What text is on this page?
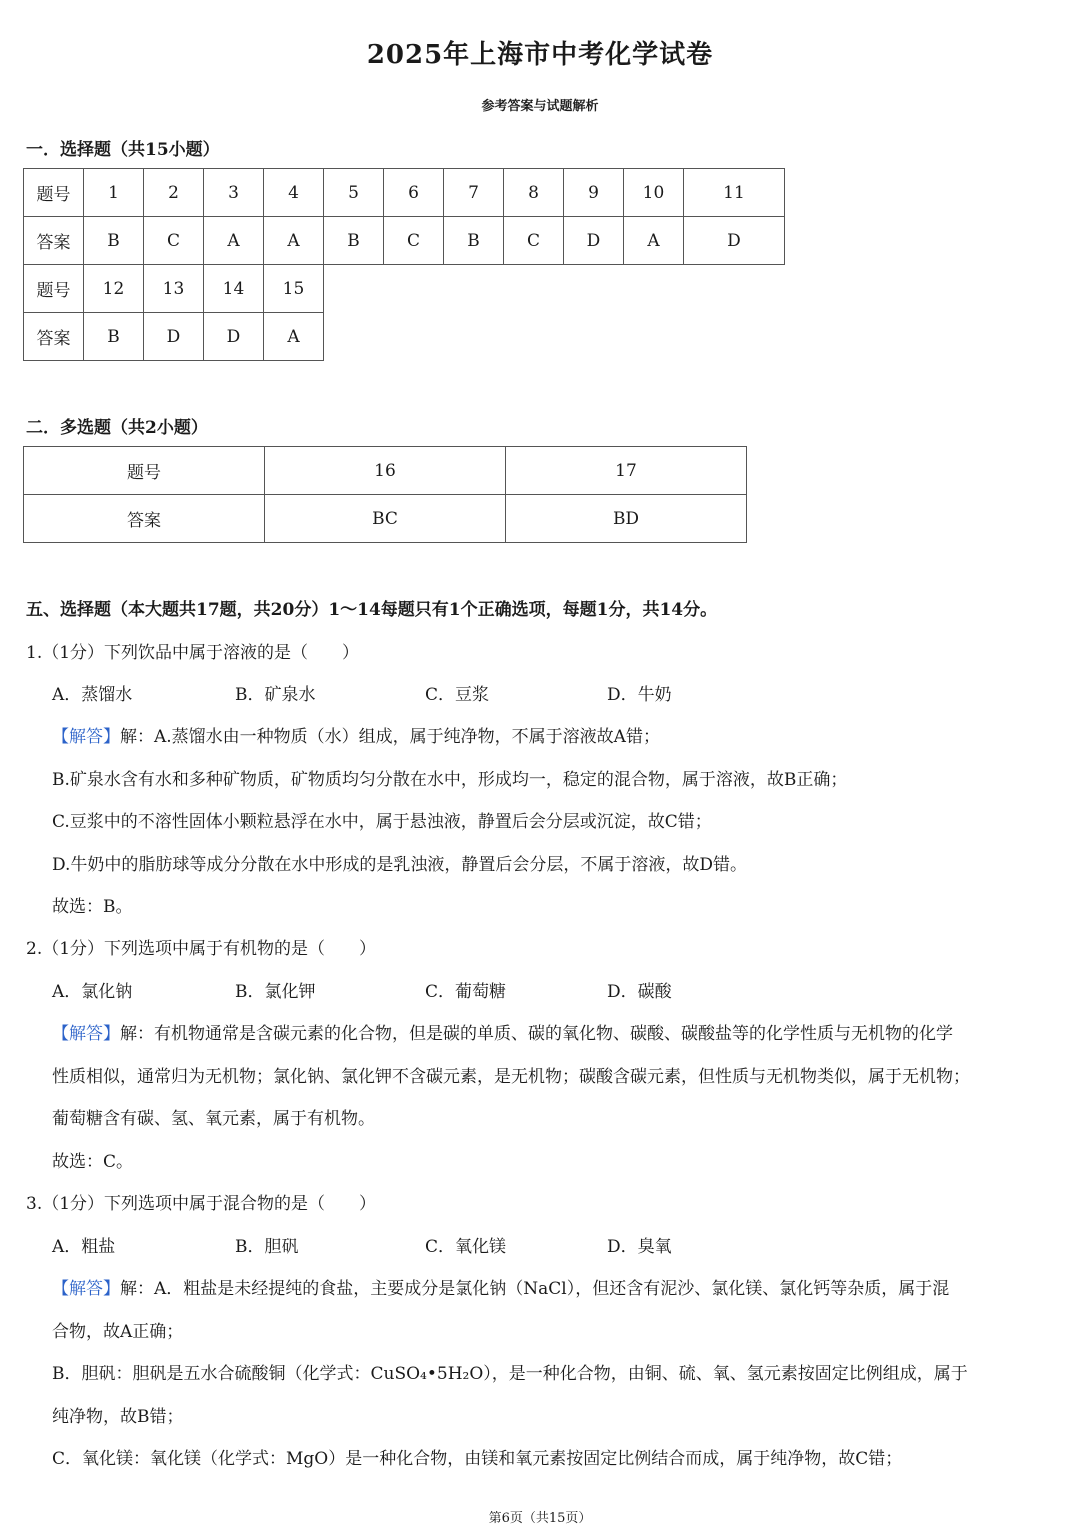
2025年上海市中考化学试卷
参考答案与试题解析
一．选择题（共15小题）
题号	1	2	3	4	5	6	7	8	9	10	11
答案	B	C	A	A	B	C	B	C	D	A	D
题号	12	13	14	15							
答案	B	D	D	A							
二．多选题（共2小题）
题号	16	17
答案	BC	BD
五、选择题（本大题共17题，共20分）1～14每题只有1个正确选项，每题1分，共14分。
1.（1分）下列饮品中属于溶液的是（　　）
A．蒸馏水	B．矿泉水	C．豆浆	D．牛奶
【解答】解：A.蒸馏水由一种物质（水）组成，属于纯净物，不属于溶液故A错；
B.矿泉水含有水和多种矿物质，矿物质均匀分散在水中，形成均一，稳定的混合物，属于溶液，故B正确；
C.豆浆中的不溶性固体小颗粒悬浮在水中，属于悬浊液，静置后会分层或沉淀，故C错；
D.牛奶中的脂肪球等成分分散在水中形成的是乳浊液，静置后会分层，不属于溶液，故D错。
故选：B。
2.（1分）下列选项中属于有机物的是（　　）
A．氯化钠	B．氯化钾	C．葡萄糖	D．碳酸
【解答】解：有机物通常是含碳元素的化合物，但是碳的单质、碳的氧化物、碳酸、碳酸盐等的化学性质与无机物的化学
性质相似，通常归为无机物；氯化钠、氯化钾不含碳元素，是无机物；碳酸含碳元素，但性质与无机物类似，属于无机物；
葡萄糖含有碳、氢、氧元素，属于有机物。
故选：C。
3.（1分）下列选项中属于混合物的是（　　）
A．粗盐	B．胆矾	C．氧化镁	D．臭氧
【解答】解：A．粗盐是未经提纯的食盐，主要成分是氯化钠（NaCl），但还含有泥沙、氯化镁、氯化钙等杂质，属于混
合物，故A正确；
B．胆矾：胆矾是五水合硫酸铜（化学式：CuSO₄•5H₂O），是一种化合物，由铜、硫、氧、氢元素按固定比例组成，属于
纯净物，故B错；
C．氧化镁：氧化镁（化学式：MgO）是一种化合物，由镁和氧元素按固定比例结合而成，属于纯净物，故C错；
第6页（共15页）
